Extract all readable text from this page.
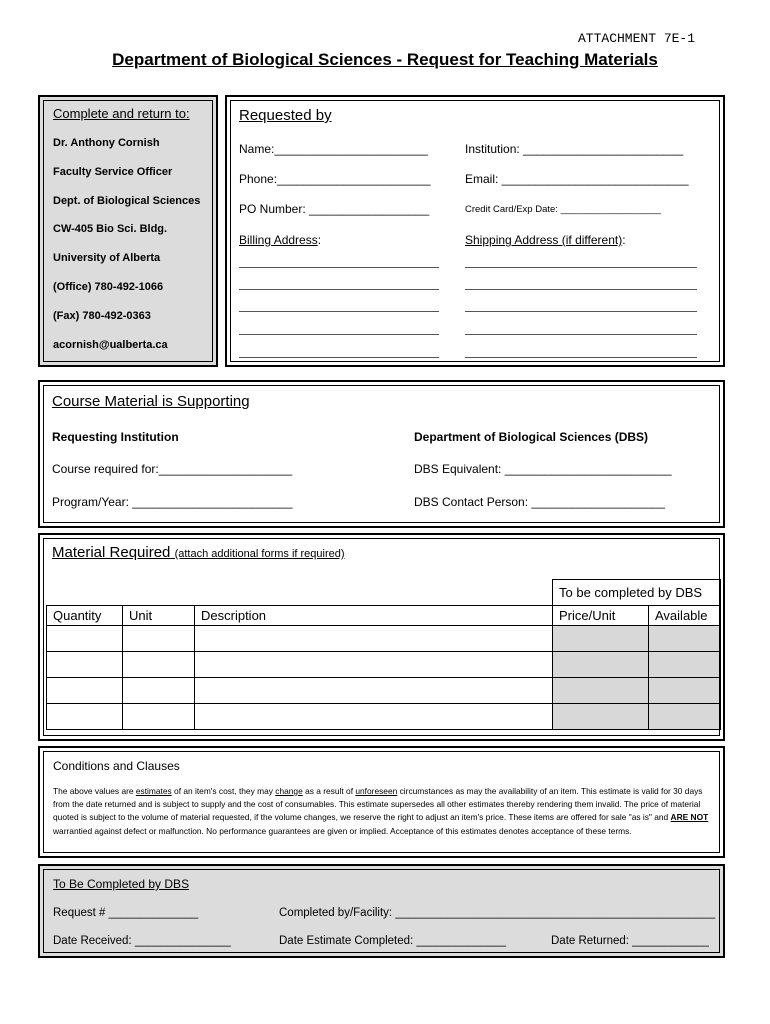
ATTACHMENT 7E-1
Department of Biological Sciences - Request for Teaching Materials
Complete and return to:
Dr. Anthony Cornish
Faculty Service Officer
Dept. of Biological Sciences
CW-405 Bio Sci. Bldg.
University of Alberta
(Office) 780-492-1066
(Fax) 780-492-0363
acornish@ualberta.ca
Requested by
Name:_______________________	Institution: ________________________
Phone:_______________________	Email: ____________________________
PO Number: __________________	Credit Card/Exp Date: ___________________
Billing Address:	Shipping Address (if different):
Course Material is Supporting
Requesting Institution	Department of Biological Sciences (DBS)
Course required for:____________________	DBS Equivalent: _________________________
Program/Year: ________________________	DBS Contact Person: ____________________
Material Required (attach additional forms if required)
			To be completed by DBS	
Quantity	Unit	Description	Price/Unit	Available

Conditions and Clauses
The above values are estimates of an item's cost, they may change as a result of unforeseen circumstances as may the availability of an item. This estimate is valid for 30 days from the date returned and is subject to supply and the cost of consumables. This estimate supersedes all other estimates thereby rendering them invalid. The price of material quoted is subject to the volume of material requested, if the volume changes, we reserve the right to adjust an item's price. These items are offered for sale "as is" and ARE NOT warrantied against defect or malfunction. No performance guarantees are given or implied. Acceptance of this estimates denotes acceptance of these terms.
To Be Completed by DBS
Request # ______________	Completed by/Facility: __________________________________________________
Date Received: _______________	Date Estimate Completed: ______________	Date Returned: ____________
